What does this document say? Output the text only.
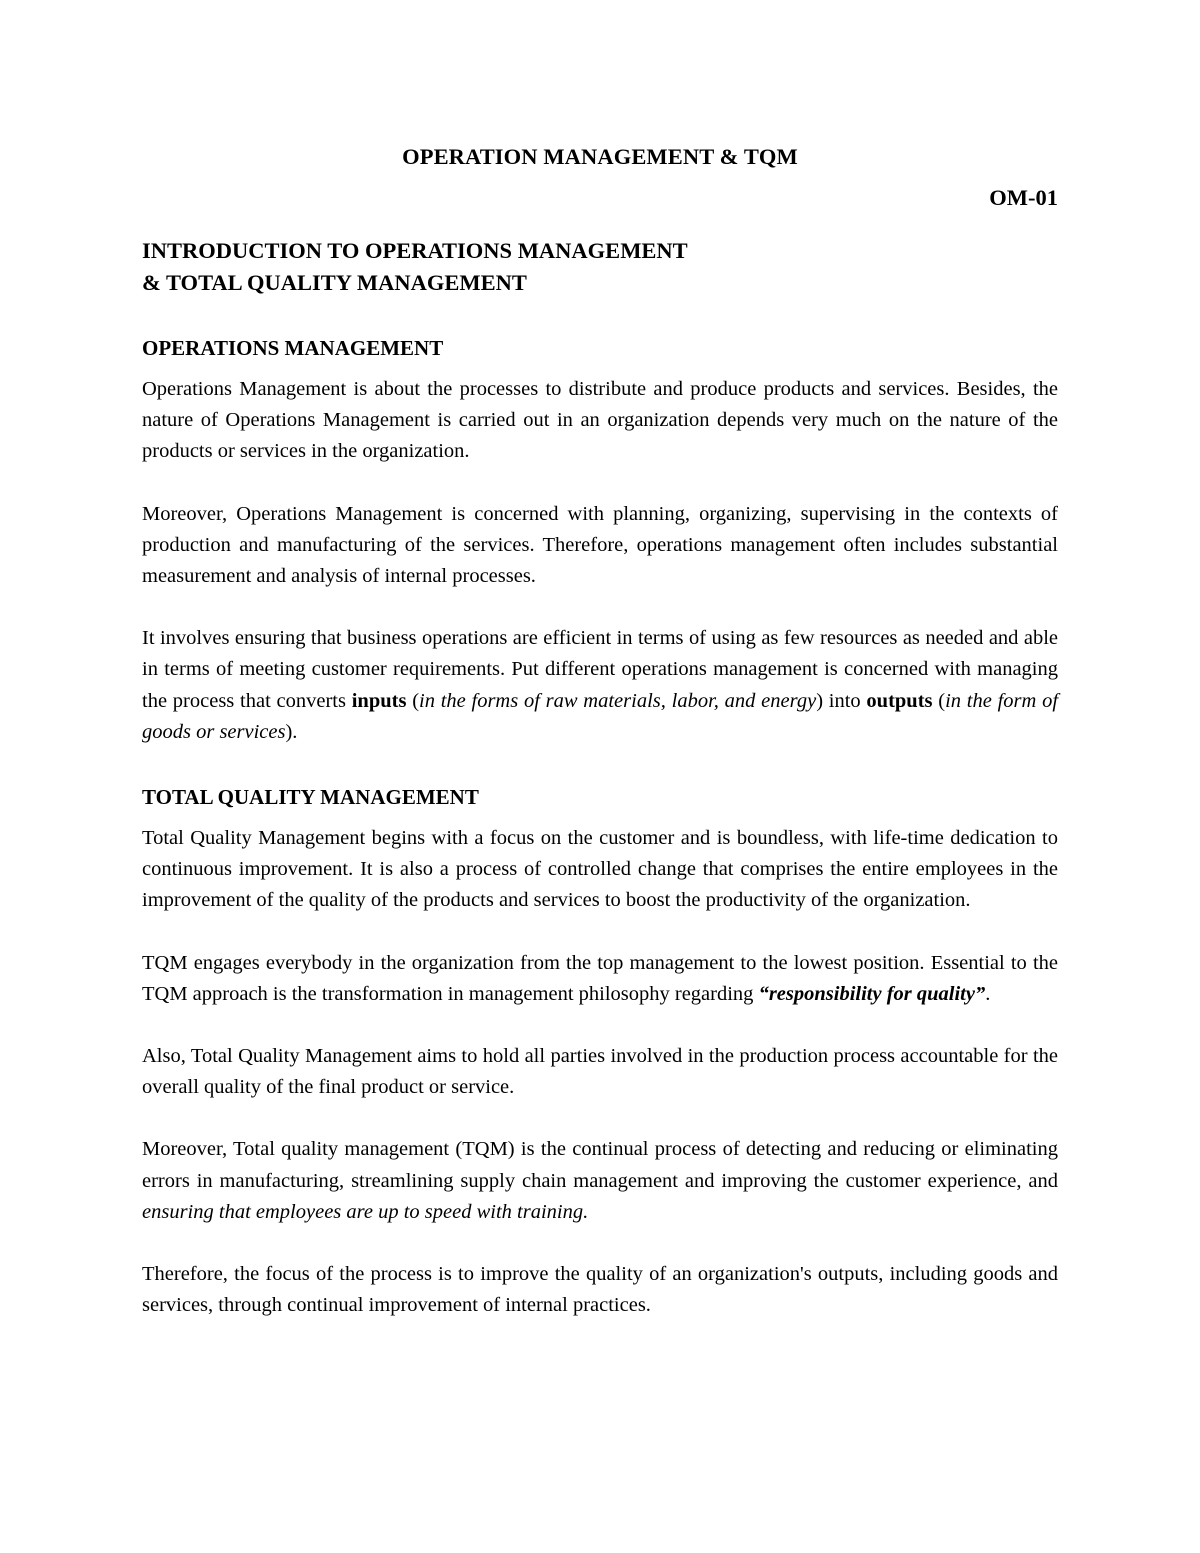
OPERATION MANAGEMENT & TQM

OM-01

INTRODUCTION TO OPERATIONS MANAGEMENT
& TOTAL QUALITY MANAGEMENT
OPERATIONS MANAGEMENT

Operations Management is about the processes to distribute and produce products and services. Besides, the nature of Operations Management is carried out in an organization depends very much on the nature of the products or services in the organization.

Moreover, Operations Management is concerned with planning, organizing, supervising in the contexts of production and manufacturing of the services. Therefore, operations management often includes substantial measurement and analysis of internal processes.

It involves ensuring that business operations are efficient in terms of using as few resources as needed and able in terms of meeting customer requirements. Put different operations management is concerned with managing the process that converts inputs (in the forms of raw materials, labor, and energy) into outputs (in the form of goods or services).

TOTAL QUALITY MANAGEMENT

Total Quality Management begins with a focus on the customer and is boundless, with life-time dedication to continuous improvement. It is also a process of controlled change that comprises the entire employees in the improvement of the quality of the products and services to boost the productivity of the organization.

TQM engages everybody in the organization from the top management to the lowest position. Essential to the TQM approach is the transformation in management philosophy regarding “responsibility for quality”.

Also, Total Quality Management aims to hold all parties involved in the production process accountable for the overall quality of the final product or service.

Moreover, Total quality management (TQM) is the continual process of detecting and reducing or eliminating errors in manufacturing, streamlining supply chain management and improving the customer experience, and ensuring that employees are up to speed with training.

Therefore, the focus of the process is to improve the quality of an organization's outputs, including goods and services, through continual improvement of internal practices.
